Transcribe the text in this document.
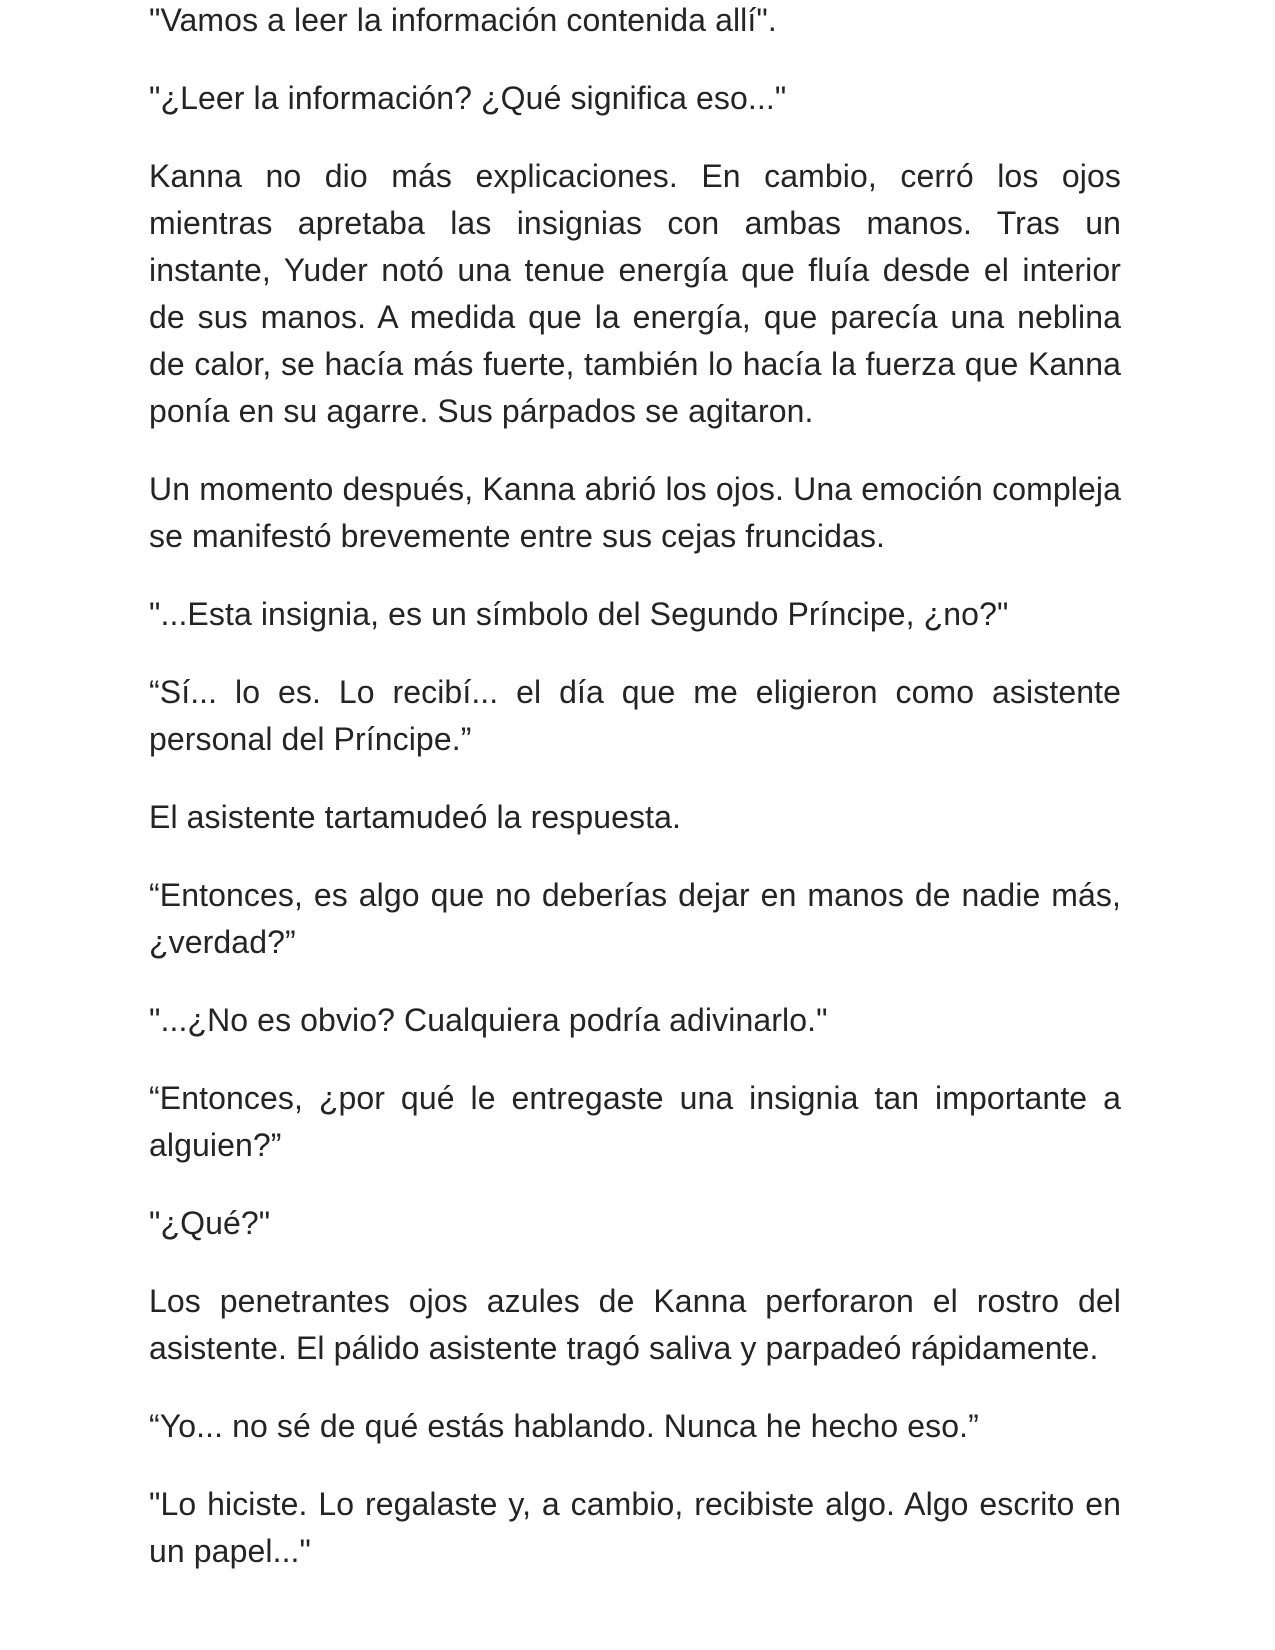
"Vamos a leer la información contenida allí".

"¿Leer la información? ¿Qué significa eso..."

Kanna no dio más explicaciones. En cambio, cerró los ojos mientras apretaba las insignias con ambas manos. Tras un instante, Yuder notó una tenue energía que fluía desde el interior de sus manos. A medida que la energía, que parecía una neblina de calor, se hacía más fuerte, también lo hacía la fuerza que Kanna ponía en su agarre. Sus párpados se agitaron.

Un momento después, Kanna abrió los ojos. Una emoción compleja se manifestó brevemente entre sus cejas fruncidas.

"...Esta insignia, es un símbolo del Segundo Príncipe, ¿no?"

“Sí... lo es. Lo recibí... el día que me eligieron como asistente personal del Príncipe.”

El asistente tartamudeó la respuesta.

“Entonces, es algo que no deberías dejar en manos de nadie más, ¿verdad?”

"...¿No es obvio? Cualquiera podría adivinarlo."

“Entonces, ¿por qué le entregaste una insignia tan importante a alguien?”

"¿Qué?"

Los penetrantes ojos azules de Kanna perforaron el rostro del asistente. El pálido asistente tragó saliva y parpadeó rápidamente.

“Yo... no sé de qué estás hablando. Nunca he hecho eso.”

"Lo hiciste. Lo regalaste y, a cambio, recibiste algo. Algo escrito en un papel..."
